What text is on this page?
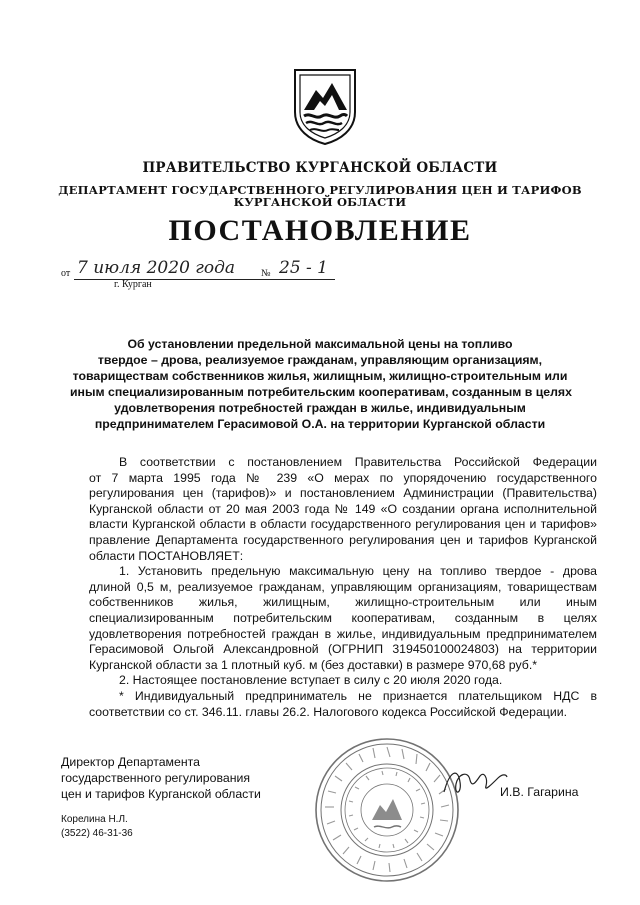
ПРАВИТЕЛЬСТВО КУРГАНСКОЙ ОБЛАСТИ
ДЕПАРТАМЕНТ ГОСУДАРСТВЕННОГО РЕГУЛИРОВАНИЯ ЦЕН И ТАРИФОВ
КУРГАНСКОЙ ОБЛАСТИ
ПОСТАНОВЛЕНИЕ
от 7 июля 2020 года	№ 25 - 1
г. Курган
Об установлении предельной максимальной цены на топливо
твердое – дрова, реализуемое гражданам, управляющим организациям,
товариществам собственников жилья, жилищным, жилищно-строительным или
иным специализированным потребительским кооперативам, созданным в целях
удовлетворения потребностей граждан в жилье, индивидуальным
предпринимателем Герасимовой О.А. на территории Курганской области
В соответствии с постановлением Правительства Российской Федерации
от 7 марта 1995 года № 239 «О мерах по упорядочению государственного
регулирования цен (тарифов)» и постановлением Администрации (Правительства)
Курганской области от 20 мая 2003 года № 149 «О создании органа исполнительной
власти Курганской области в области государственного регулирования цен и тарифов»
правление Департамента государственного регулирования цен и тарифов Курганской
области ПОСТАНОВЛЯЕТ:
1. Установить предельную максимальную цену на топливо твердое - дрова
длиной 0,5 м, реализуемое гражданам, управляющим организациям, товариществам
собственников жилья, жилищным, жилищно-строительным или иным
специализированным потребительским кооперативам, созданным в целях
удовлетворения потребностей граждан в жилье, индивидуальным предпринимателем
Герасимовой Ольгой Александровной (ОГРНИП 319450100024803) на территории
Курганской области за 1 плотный куб. м (без доставки) в размере 970,68 руб.*
2. Настоящее постановление вступает в силу с 20 июля 2020 года.
* Индивидуальный предприниматель не признается плательщиком НДС в
соответствии со ст. 346.11. главы 26.2. Налогового кодекса Российской Федерации.
Директор Департамента
государственного регулирования
цен и тарифов Курганской области	И.В. Гагарина
Корелина Н.Л.
(3522) 46-31-36
